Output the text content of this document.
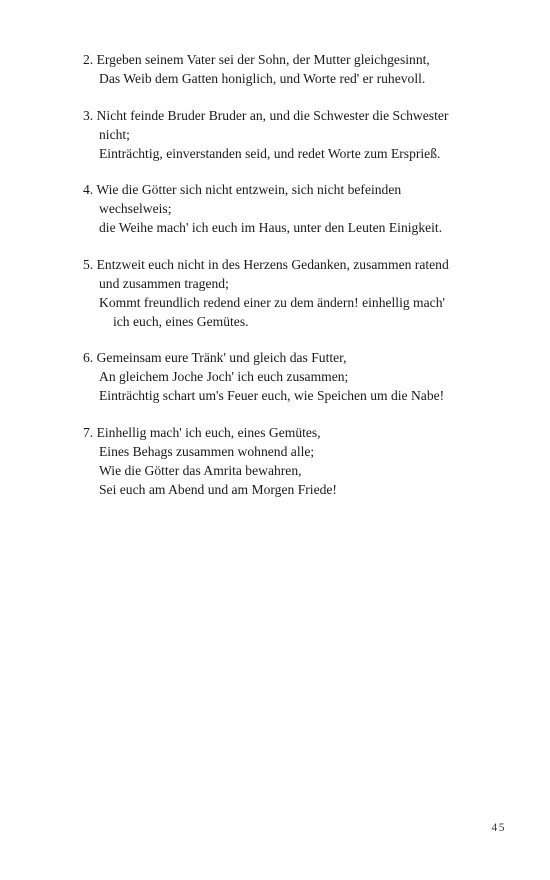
2. Ergeben seinem Vater sei der Sohn, der Mutter gleichgesinnt,
Das Weib dem Gatten honiglich, und Worte red' er ruhevoll.
3. Nicht feinde Bruder Bruder an, und die Schwester die Schwester
nicht;
Einträchtig, einverstanden seid, und redet Worte zum Ersprieß.
4. Wie die Götter sich nicht entzwein, sich nicht befeinden
wechselweis;
die Weihe mach' ich euch im Haus, unter den Leuten Einigkeit.
5. Entzweit euch nicht in des Herzens Gedanken, zusammen ratend
und zusammen tragend;
Kommt freundlich redend einer zu dem ändern! einhellig mach'
ich euch, eines Gemütes.
6. Gemeinsam eure Tränk' und gleich das Futter,
An gleichem Joche Joch' ich euch zusammen;
Einträchtig schart um's Feuer euch, wie Speichen um die Nabe!
7. Einhellig mach' ich euch, eines Gemütes,
Eines Behags zusammen wohnend alle;
Wie die Götter das Amrita bewahren,
Sei euch am Abend und am Morgen Friede!
45
